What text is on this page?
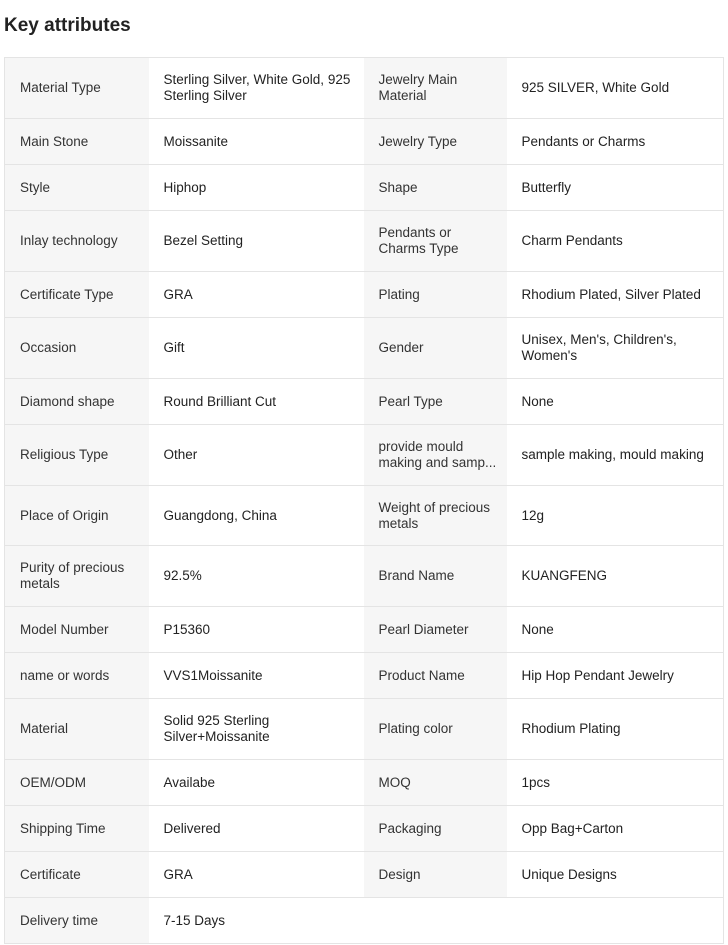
Key attributes
Material Type	Sterling Silver, White Gold, 925 Sterling Silver	Jewelry Main Material	925 SILVER, White Gold
Main Stone	Moissanite	Jewelry Type	Pendants or Charms
Style	Hiphop	Shape	Butterfly
Inlay technology	Bezel Setting	Pendants or Charms Type	Charm Pendants
Certificate Type	GRA	Plating	Rhodium Plated, Silver Plated
Occasion	Gift	Gender	Unisex, Men's, Children's, Women's
Diamond shape	Round Brilliant Cut	Pearl Type	None
Religious Type	Other	provide mould making and samp...	sample making, mould making

Place of Origin	Guangdong, China	Weight of precious metals	12g
Purity of precious metals	92.5%	Brand Name	KUANGFENG
Model Number	P15360	Pearl Diameter	None
name or words	VVS1Moissanite	Product Name	Hip Hop Pendant Jewelry
Material	Solid 925 Sterling Silver+Moissanite	Plating color	Rhodium Plating
OEM/ODM	Availabe	MOQ	1pcs
Shipping Time	Delivered	Packaging	Opp Bag+Carton
Certificate	GRA	Design	Unique Designs
Delivery time	7-15 Days		
